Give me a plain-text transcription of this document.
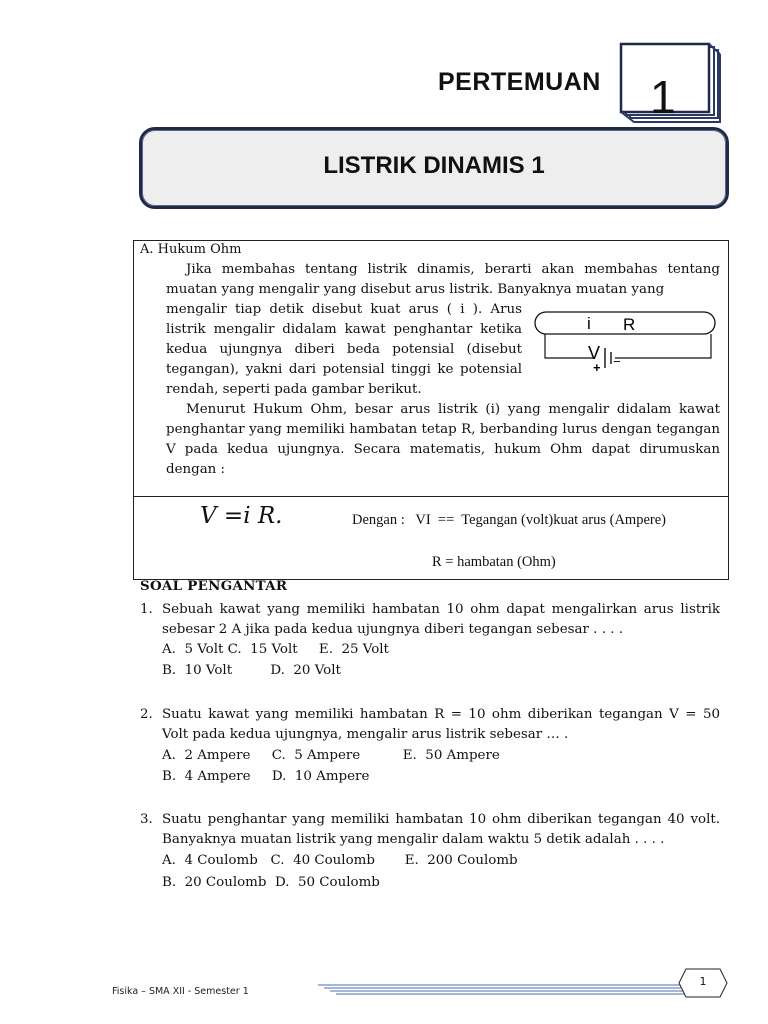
PERTEMUAN 1
LISTRIK DINAMIS 1
A. Hukum Ohm
Jika membahas tentang listrik dinamis, berarti akan membahas tentang muatan yang mengalir yang disebut arus listrik. Banyaknya muatan yang
mengalir tiap detik disebut kuat arus ( i ). Arus listrik mengalir didalam kawat penghantar ketika kedua ujungnya diberi beda potensial (disebut tegangan), yakni dari potensial tinggi ke potensial rendah, seperti pada gambar berikut.
i R
V
+ −
Menurut Hukum Ohm, besar arus listrik (i) yang mengalir didalam kawat penghantar yang memiliki hambatan tetap R, berbanding lurus dengan tegangan V pada kedua ujungnya. Secara matematis, hukum Ohm dapat dirumuskan dengan :
V =i R.	Dengan :   VI  ==  Tegangan (volt)kuat arus (Ampere)
R = hambatan (Ohm)
SOAL PENGANTAR
1. Sebuah kawat yang memiliki hambatan 10 ohm dapat mengalirkan arus listrik sebesar 2 A jika pada kedua ujungnya diberi tegangan sebesar . . . .
A.  5 Volt C.  15 Volt     E.  25 Volt
B.  10 Volt         D.  20 Volt
2. Suatu kawat yang memiliki hambatan R = 10 ohm diberikan tegangan V = 50 Volt pada kedua ujungnya, mengalir arus listrik sebesar … .
A.  2 Ampere     C.  5 Ampere          E.  50 Ampere
B.  4 Ampere     D.  10 Ampere
3. Suatu penghantar yang memiliki hambatan 10 ohm diberikan tegangan 40 volt. Banyaknya muatan listrik yang mengalir dalam waktu 5 detik adalah . . . .
A.  4 Coulomb   C.  40 Coulomb       E.  200 Coulomb
B.  20 Coulomb  D.  50 Coulomb
Fisika – SMA XII - Semester 1
1
